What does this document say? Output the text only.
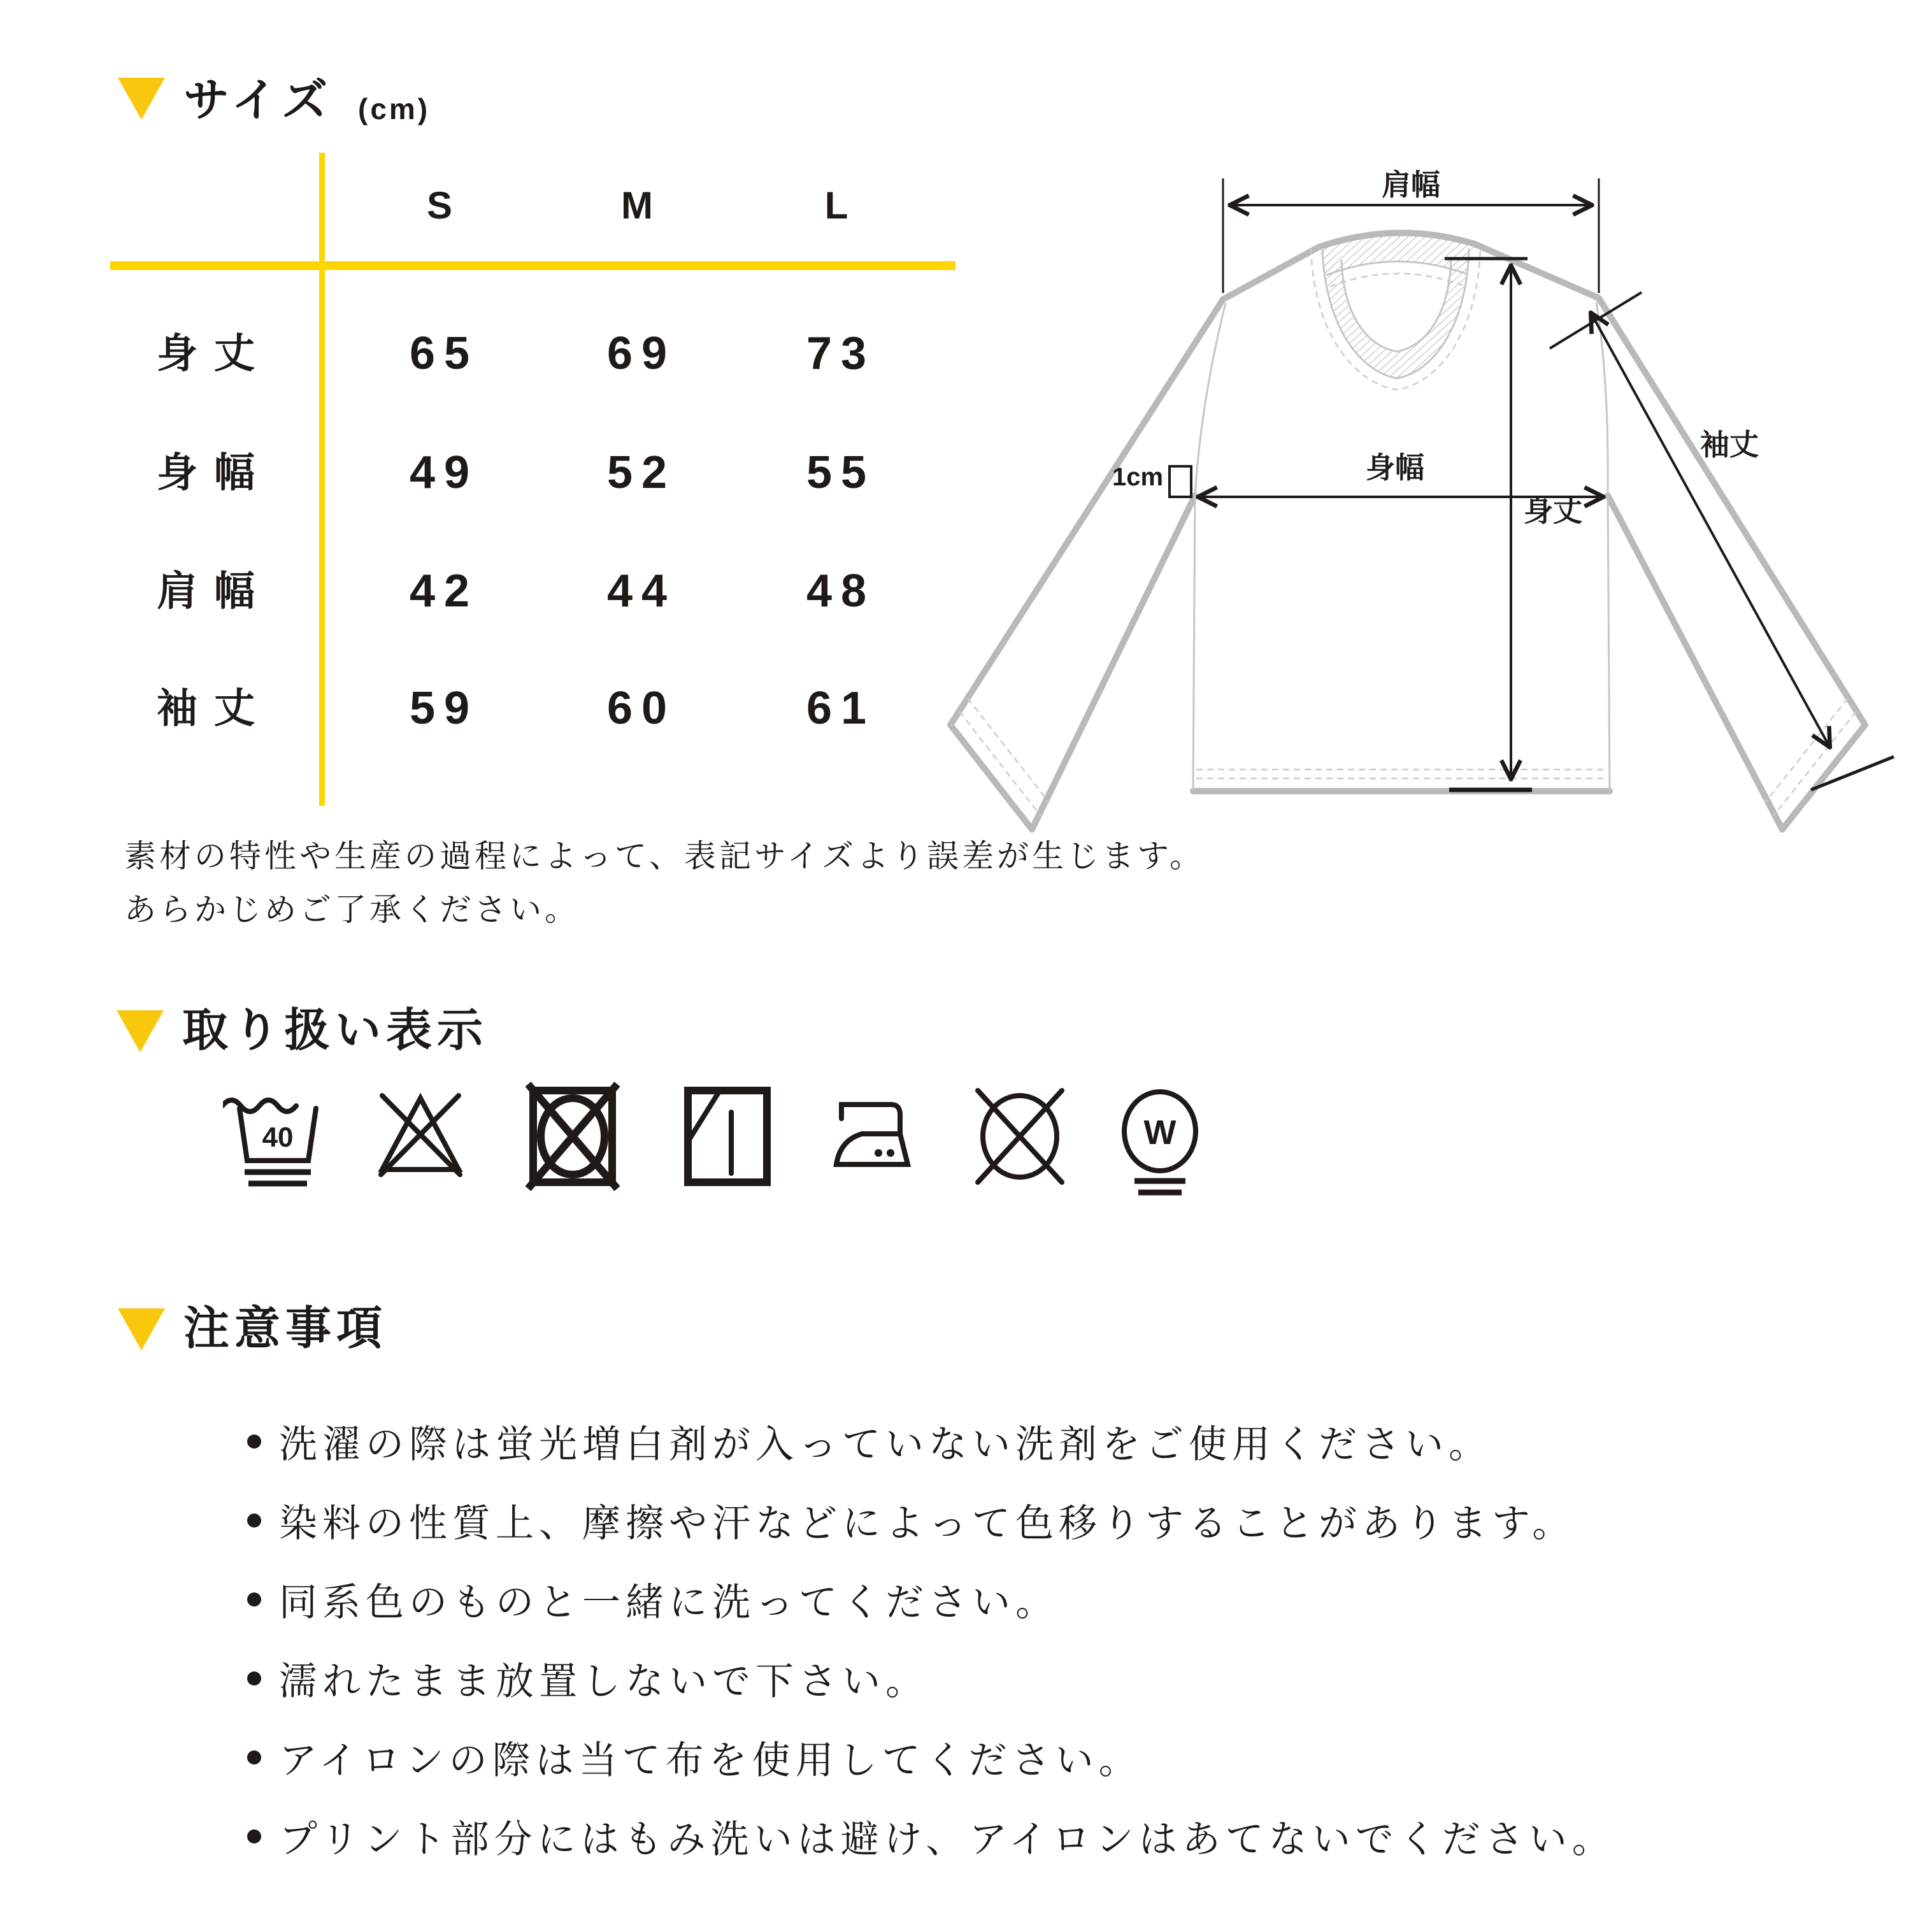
サイズ (cm)
S	M	L
身丈	65	69	73
身幅	49	52	55
肩幅	42	44	48
袖丈	59	60	61
素材の特性や生産の過程によって、表記サイズより誤差が生じます。
あらかじめご了承ください。
肩幅
身幅
1cm
身丈
袖丈
取り扱い表示
40	W
注意事項
洗濯の際は蛍光増白剤が入っていない洗剤をご使用ください。
染料の性質上、摩擦や汗などによって色移りすることがあります。
同系色のものと一緒に洗ってください。
濡れたまま放置しないで下さい。
アイロンの際は当て布を使用してください。
プリント部分にはもみ洗いは避け、アイロンはあてないでください。
